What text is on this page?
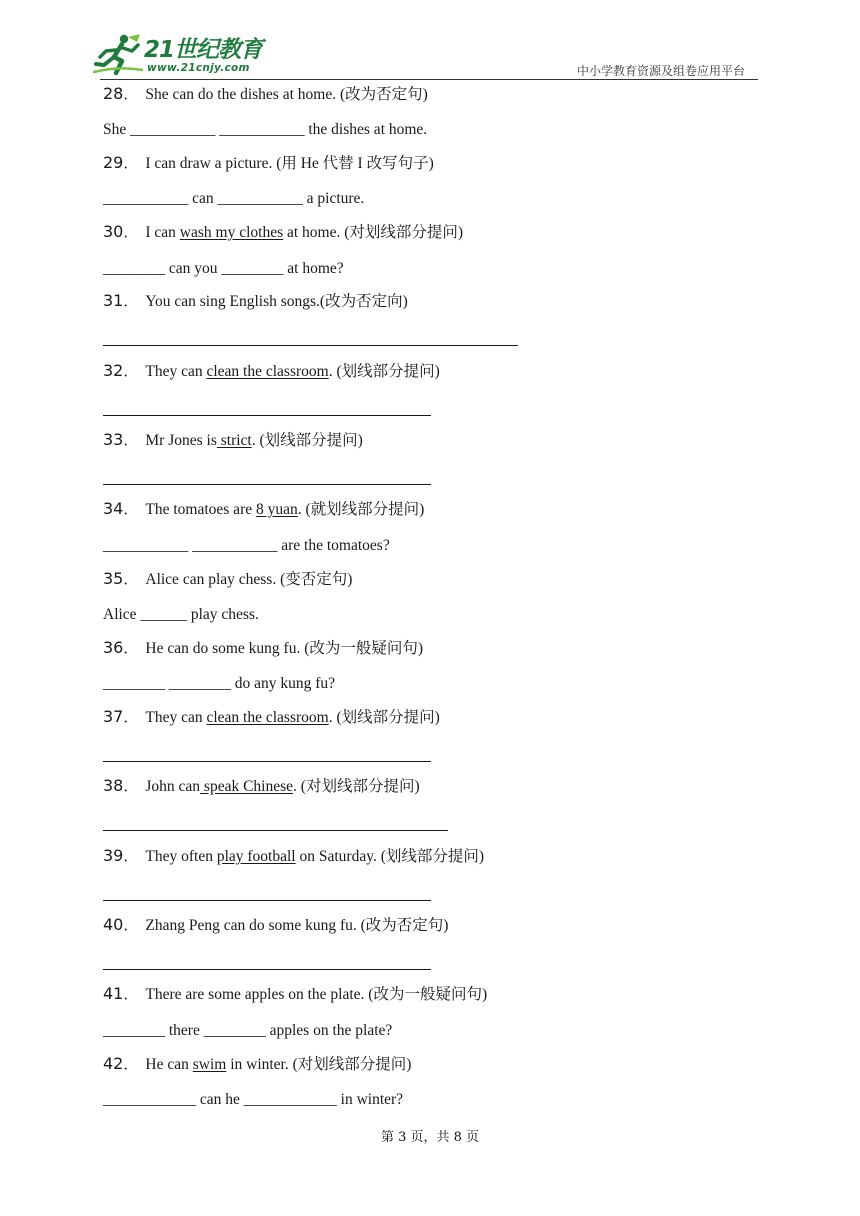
21世纪教育
www.21cnjy.com	中小学教育资源及组卷应用平台
28． She can do the dishes at home. (改为否定句)
She ___________ ___________ the dishes at home.
29． I can draw a picture. (用 He 代替 I 改写句子)
___________ can ___________ a picture.
30． I can wash my clothes at home. (对划线部分提问)
________ can you ________ at home?
31． You can sing English songs.(改为否定向)
32． They can clean the classroom. (划线部分提问)
33． Mr Jones is strict. (划线部分提问)
34． The tomatoes are 8 yuan. (就划线部分提问)
___________ ___________ are the tomatoes?
35． Alice can play chess. (变否定句)
Alice ______ play chess.
36． He can do some kung fu. (改为一般疑问句)
________ ________ do any kung fu?
37． They can clean the classroom. (划线部分提问)
38． John can speak Chinese. (对划线部分提问)
39． They often play football on Saturday. (划线部分提问)
40． Zhang Peng can do some kung fu. (改为否定句)
41． There are some apples on the plate. (改为一般疑问句)
________ there ________ apples on the plate?
42． He can swim in winter. (对划线部分提问)
____________ can he ____________ in winter?
第 3 页，共 8 页
